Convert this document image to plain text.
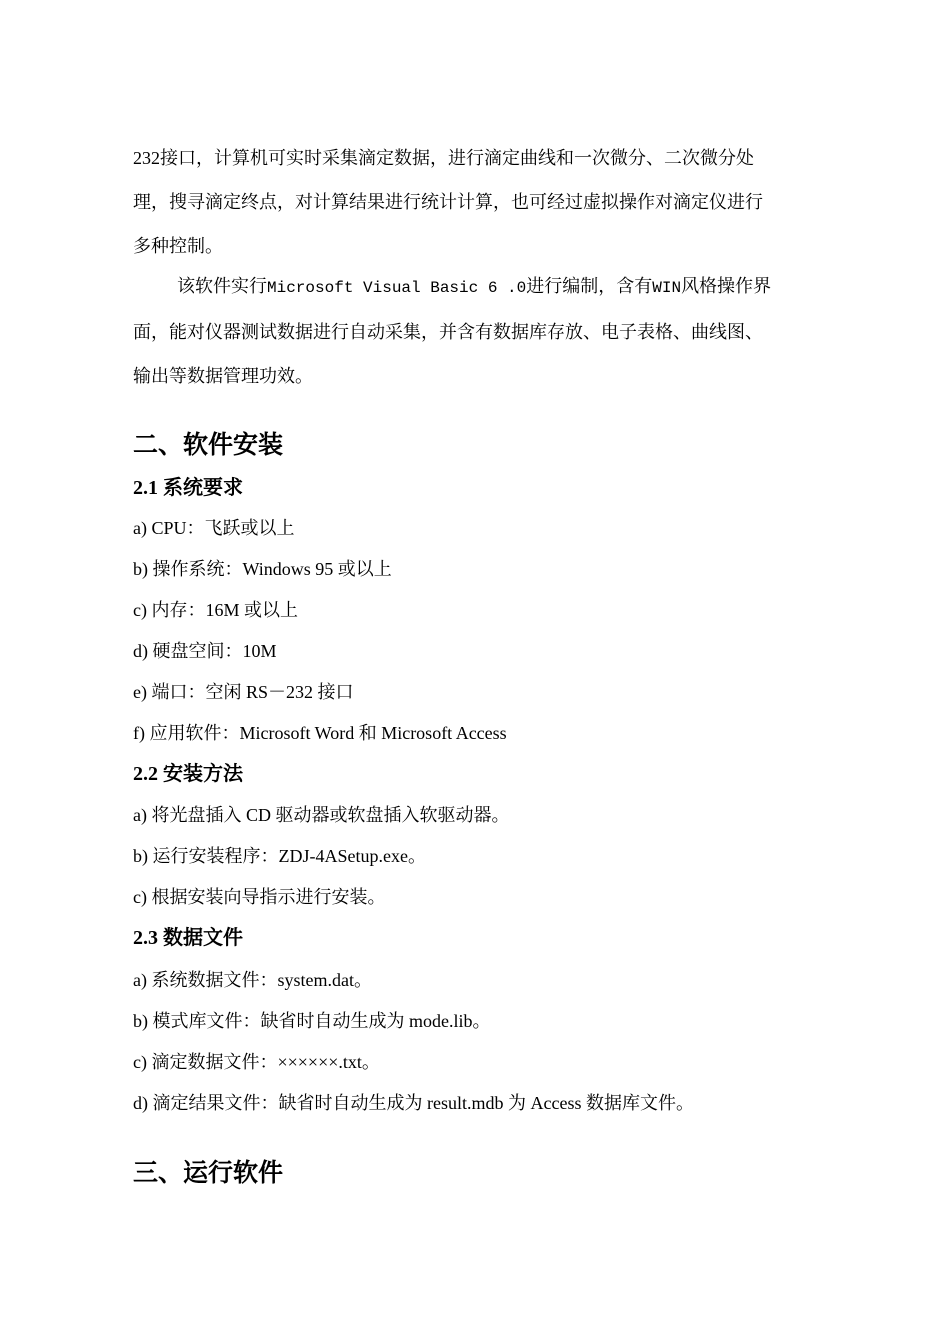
232接口，计算机可实时采集滴定数据，进行滴定曲线和一次微分、二次微分处

理，搜寻滴定终点，对计算结果进行统计计算，也可经过虚拟操作对滴定仪进行

多种控制。

该软件实行Microsoft Visual Basic 6 .0进行编制，含有WIN风格操作界

面，能对仪器测试数据进行自动采集，并含有数据库存放、电子表格、曲线图、

输出等数据管理功效。

二、软件安装
2.1 系统要求

a) CPU：飞跃或以上

b) 操作系统：Windows 95 或以上

c) 内存：16M 或以上

d) 硬盘空间：10M

e) 端口：空闲 RS－232 接口

f) 应用软件：Microsoft Word 和 Microsoft Access

2.2 安装方法

a) 将光盘插入 CD 驱动器或软盘插入软驱动器。

b) 运行安装程序：ZDJ-4ASetup.exe。

c) 根据安装向导指示进行安装。

2.3 数据文件

a) 系统数据文件：system.dat。

b) 模式库文件：缺省时自动生成为 mode.lib。

c) 滴定数据文件：××××××.txt。

d) 滴定结果文件：缺省时自动生成为 result.mdb 为 Access 数据库文件。

三、运行软件
